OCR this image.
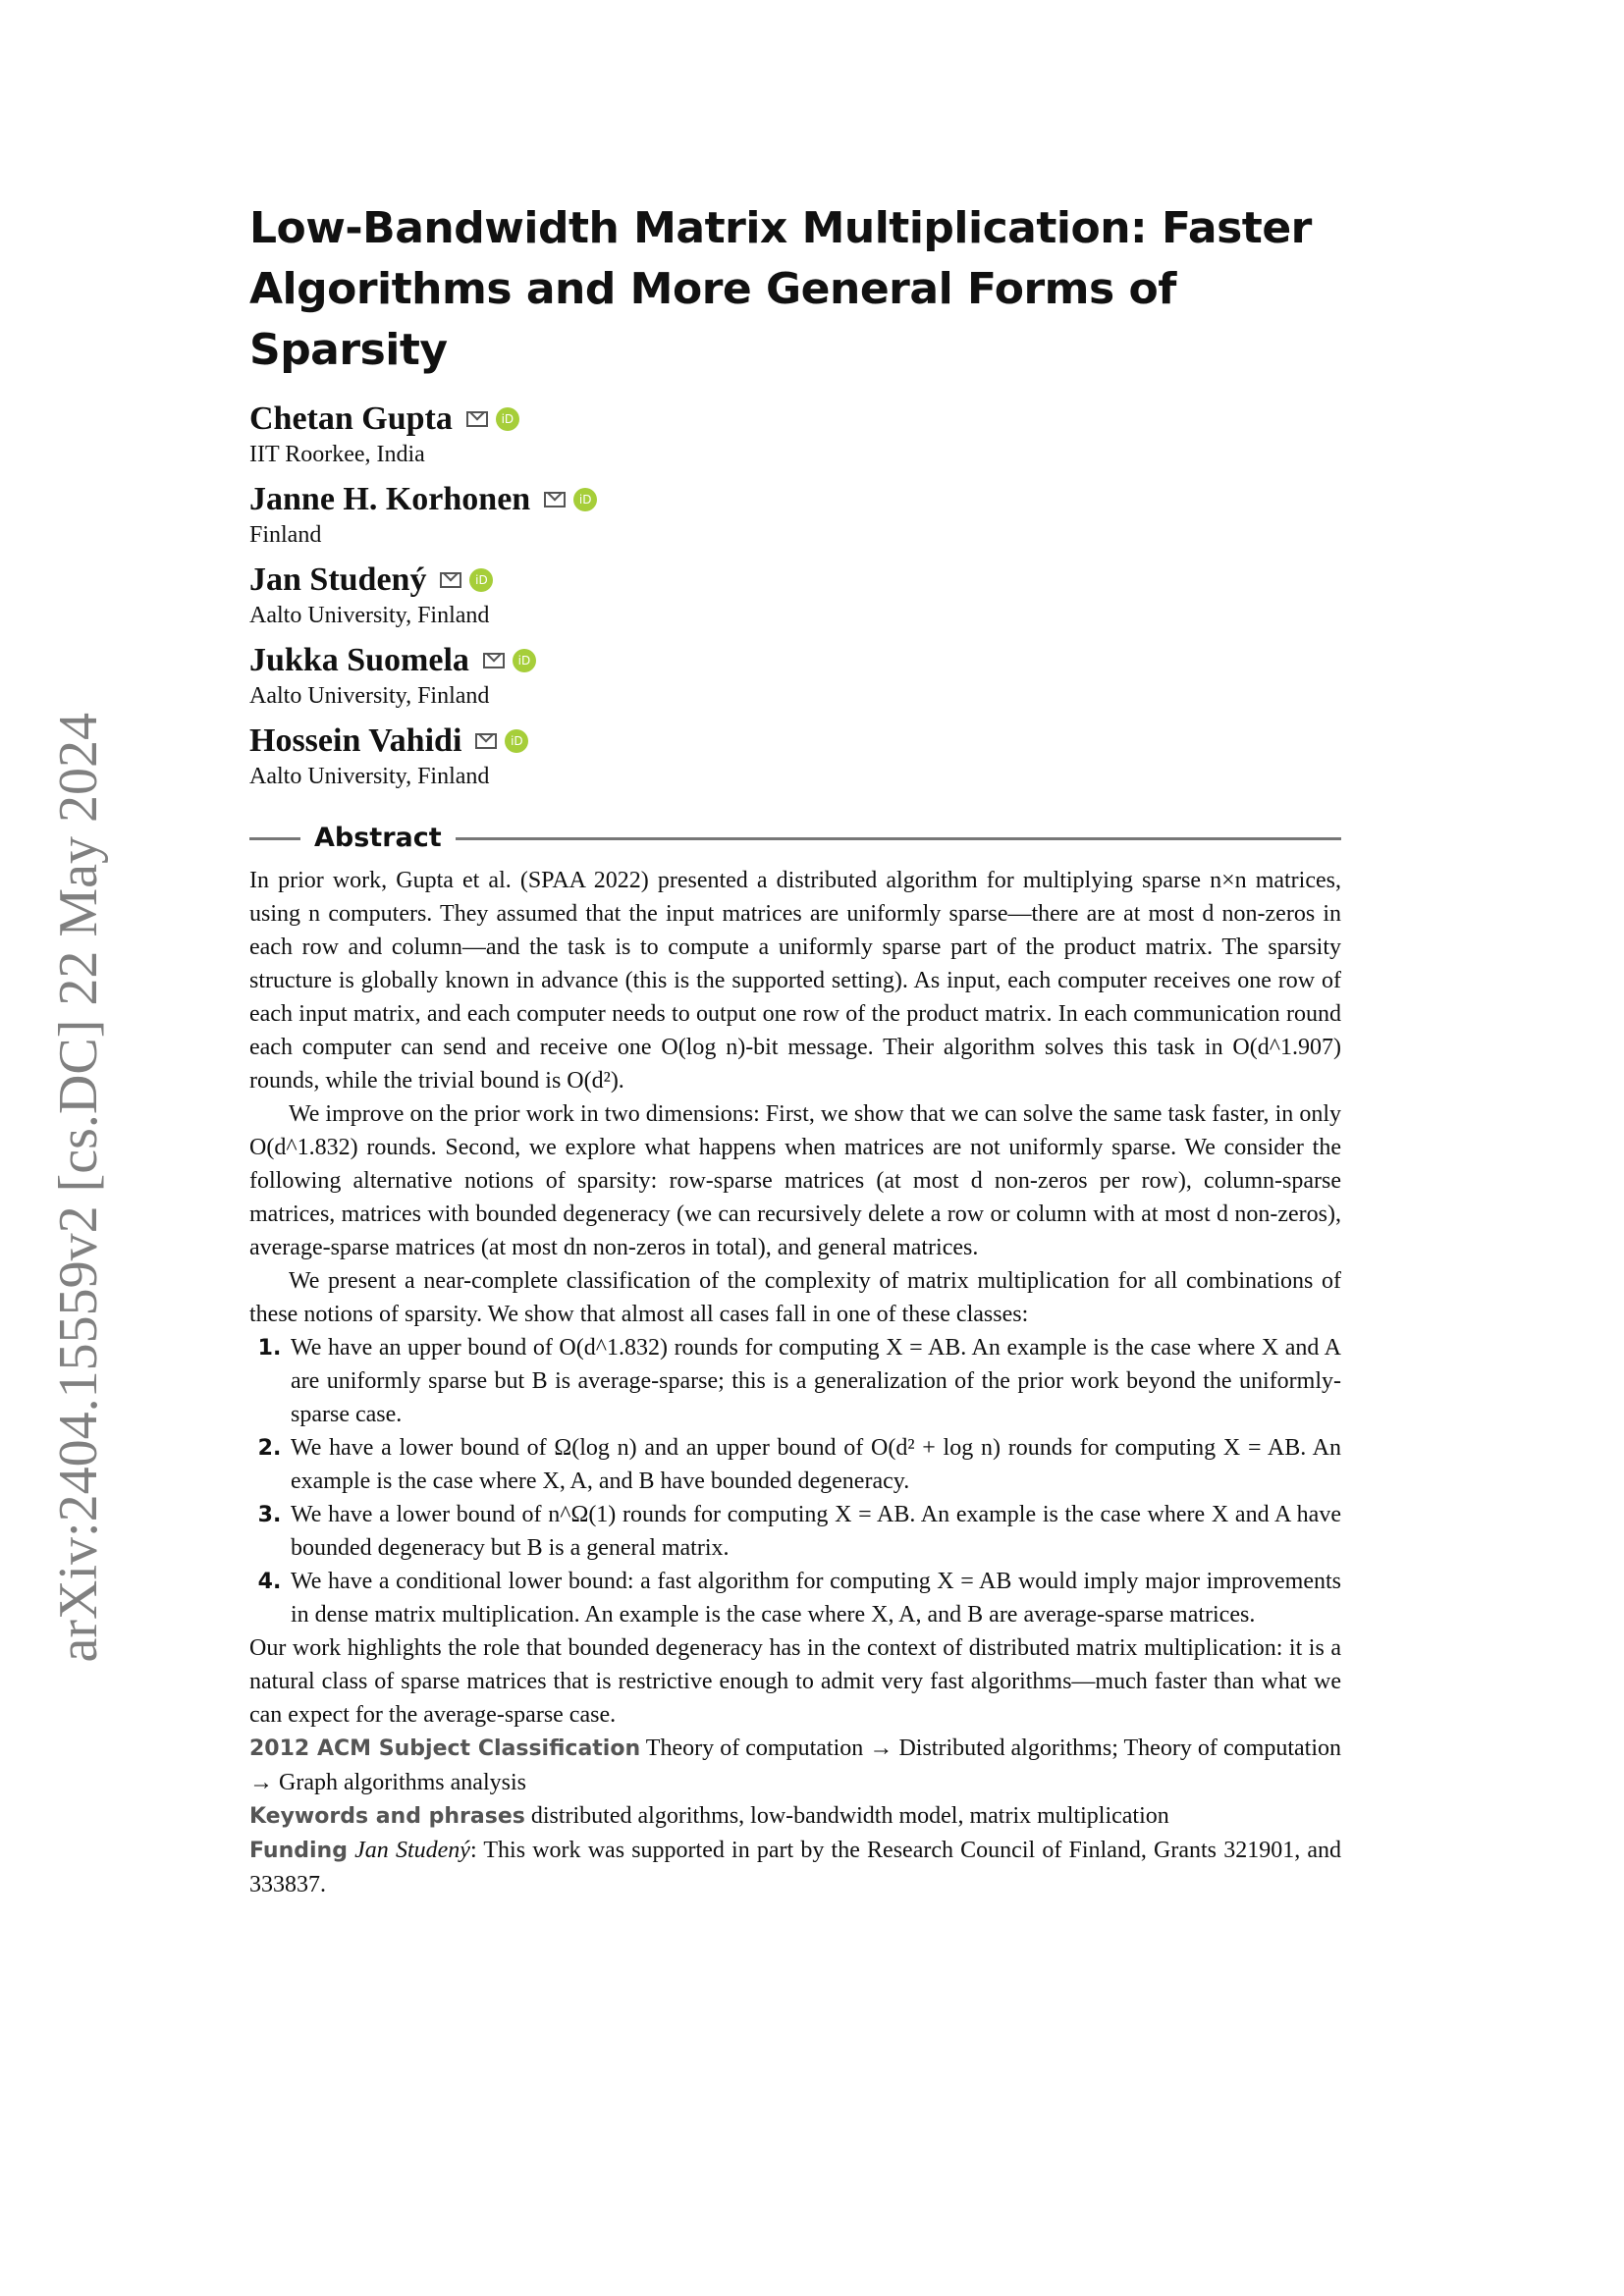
arXiv:2404.15559v2 [cs.DC] 22 May 2024
Low-Bandwidth Matrix Multiplication: Faster Algorithms and More General Forms of Sparsity
Chetan Gupta	iD
IIT Roorkee, India
Janne H. Korhonen	iD
Finland
Jan Studený	iD
Aalto University, Finland
Jukka Suomela	iD
Aalto University, Finland
Hossein Vahidi	iD
Aalto University, Finland
Abstract

In prior work, Gupta et al. (SPAA 2022) presented a distributed algorithm for multiplying sparse n×n matrices, using n computers. They assumed that the input matrices are uniformly sparse—there are at most d non-zeros in each row and column—and the task is to compute a uniformly sparse part of the product matrix. The sparsity structure is globally known in advance (this is the supported setting). As input, each computer receives one row of each input matrix, and each computer needs to output one row of the product matrix. In each communication round each computer can send and receive one O(log n)-bit message. Their algorithm solves this task in O(d^1.907) rounds, while the trivial bound is O(d²).

We improve on the prior work in two dimensions: First, we show that we can solve the same task faster, in only O(d^1.832) rounds. Second, we explore what happens when matrices are not uniformly sparse. We consider the following alternative notions of sparsity: row-sparse matrices (at most d non-zeros per row), column-sparse matrices, matrices with bounded degeneracy (we can recursively delete a row or column with at most d non-zeros), average-sparse matrices (at most dn non-zeros in total), and general matrices.

We present a near-complete classification of the complexity of matrix multiplication for all combinations of these notions of sparsity. We show that almost all cases fall in one of these classes:

1. We have an upper bound of O(d^1.832) rounds for computing X = AB. An example is the case where X and A are uniformly sparse but B is average-sparse; this is a generalization of the prior work beyond the uniformly-sparse case.
2. We have a lower bound of Ω(log n) and an upper bound of O(d² + log n) rounds for computing X = AB. An example is the case where X, A, and B have bounded degeneracy.
3. We have a lower bound of n^Ω(1) rounds for computing X = AB. An example is the case where X and A have bounded degeneracy but B is a general matrix.
4. We have a conditional lower bound: a fast algorithm for computing X = AB would imply major improvements in dense matrix multiplication. An example is the case where X, A, and B are average-sparse matrices.

Our work highlights the role that bounded degeneracy has in the context of distributed matrix multiplication: it is a natural class of sparse matrices that is restrictive enough to admit very fast algorithms—much faster than what we can expect for the average-sparse case.

2012 ACM Subject Classification Theory of computation → Distributed algorithms; Theory of computation → Graph algorithms analysis

Keywords and phrases distributed algorithms, low-bandwidth model, matrix multiplication

Funding Jan Studený: This work was supported in part by the Research Council of Finland, Grants 321901, and 333837.
